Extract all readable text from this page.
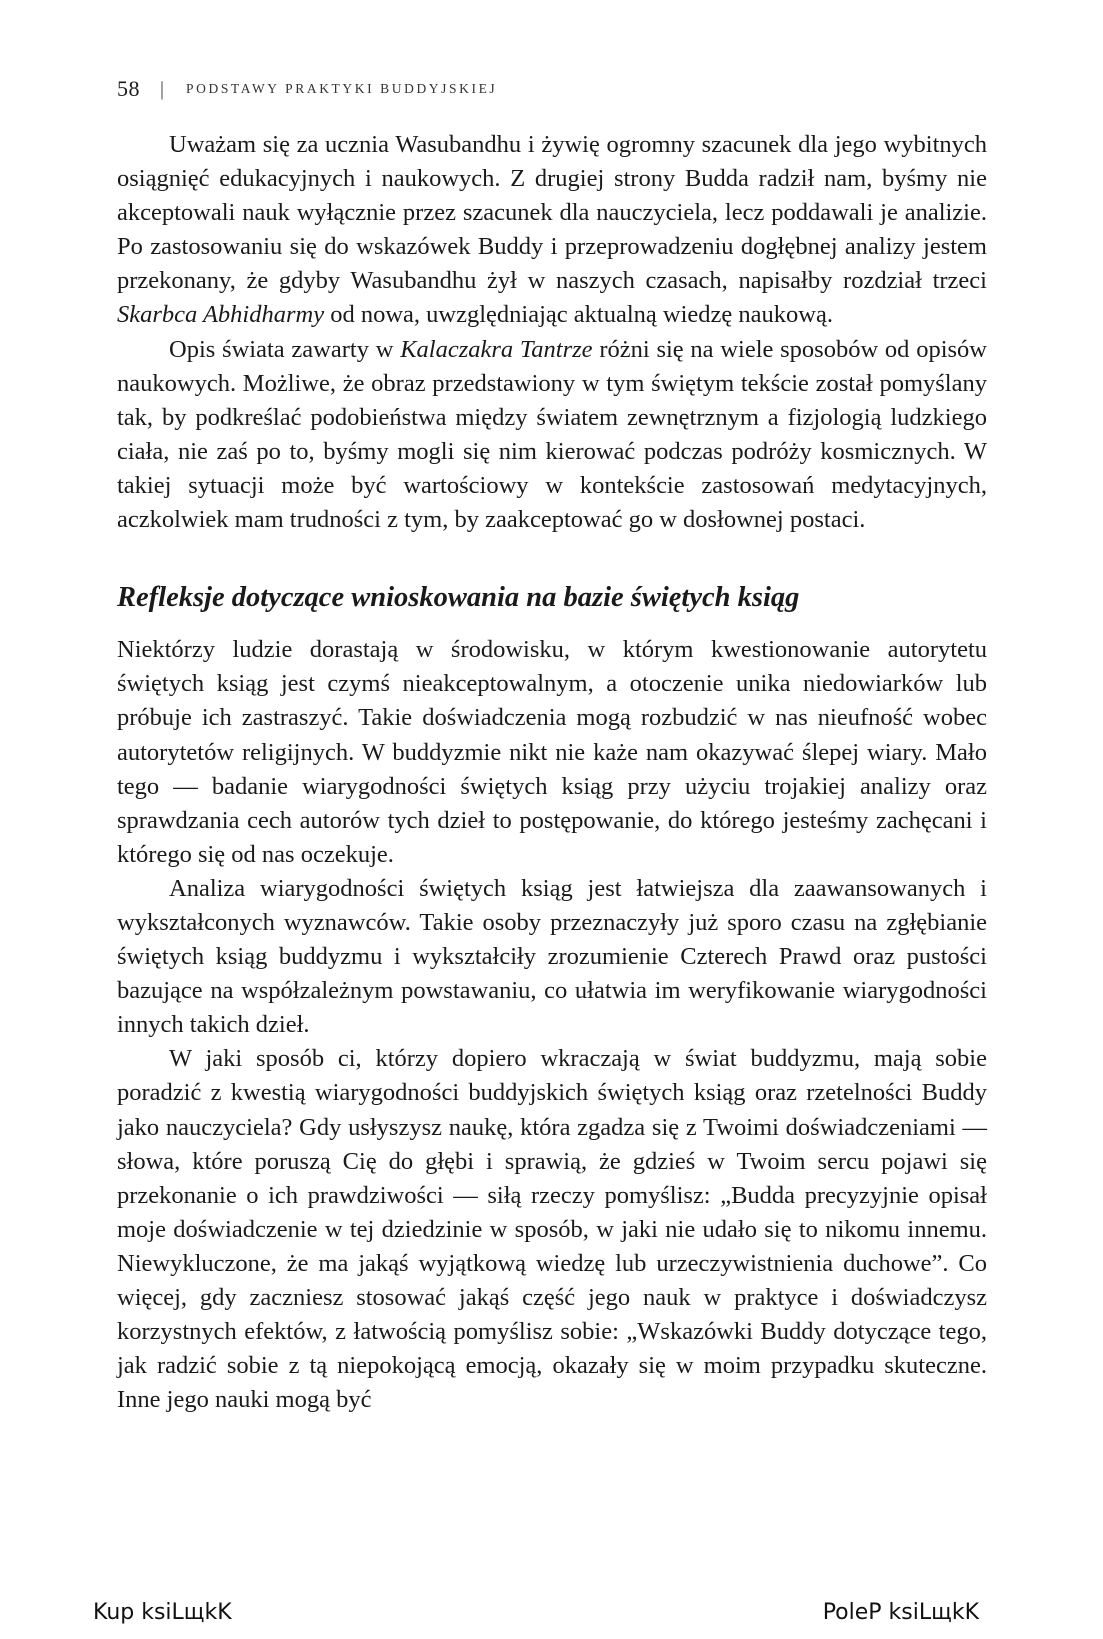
58 | PODSTAWY PRAKTYKI BUDDYJSKIEJ

Uważam się za ucznia Wasubandhu i żywię ogromny szacunek dla jego wybitnych osiągnięć edukacyjnych i naukowych. Z drugiej strony Budda radził nam, byśmy nie akceptowali nauk wyłącznie przez szacunek dla nauczyciela, lecz poddawali je analizie. Po zastosowaniu się do wskazówek Buddy i przeprowadzeniu dogłębnej analizy jestem przekonany, że gdyby Wasubandhu żył w naszych czasach, napisałby rozdział trzeci Skarbca Abhidharmy od nowa, uwzględniając aktualną wiedzę naukową.

Opis świata zawarty w Kalaczakra Tantrze różni się na wiele sposobów od opisów naukowych. Możliwe, że obraz przedstawiony w tym świętym tekście został pomyślany tak, by podkreślać podobieństwa między światem zewnętrznym a fizjologią ludzkiego ciała, nie zaś po to, byśmy mogli się nim kierować podczas podróży kosmicznych. W takiej sytuacji może być wartościowy w kontekście zastosowań medytacyjnych, aczkolwiek mam trudności z tym, by zaakceptować go w dosłownej postaci.

Refleksje dotyczące wnioskowania na bazie świętych ksiąg

Niektórzy ludzie dorastają w środowisku, w którym kwestionowanie autorytetu świętych ksiąg jest czymś nieakceptowalnym, a otoczenie unika niedowiarków lub próbuje ich zastraszyć. Takie doświadczenia mogą rozbudzić w nas nieufność wobec autorytetów religijnych. W buddyzmie nikt nie każe nam okazywać ślepej wiary. Mało tego — badanie wiarygodności świętych ksiąg przy użyciu trojakiej analizy oraz sprawdzania cech autorów tych dzieł to postępowanie, do którego jesteśmy zachęcani i którego się od nas oczekuje.

Analiza wiarygodności świętych ksiąg jest łatwiejsza dla zaawansowanych i wykształconych wyznawców. Takie osoby przeznaczyły już sporo czasu na zgłębianie świętych ksiąg buddyzmu i wykształciły zrozumienie Czterech Prawd oraz pustości bazujące na współzależnym powstawaniu, co ułatwia im weryfikowanie wiarygodności innych takich dzieł.

W jaki sposób ci, którzy dopiero wkraczają w świat buddyzmu, mają sobie poradzić z kwestią wiarygodności buddyjskich świętych ksiąg oraz rzetelności Buddy jako nauczyciela? Gdy usłyszysz naukę, która zgadza się z Twoimi doświadczeniami — słowa, które poruszą Cię do głębi i sprawią, że gdzieś w Twoim sercu pojawi się przekonanie o ich prawdziwości — siłą rzeczy pomyślisz: „Budda precyzyjnie opisał moje doświadczenie w tej dziedzinie w sposób, w jaki nie udało się to nikomu innemu. Niewykluczone, że ma jakąś wyjątkową wiedzę lub urzeczywistnienia duchowe”. Co więcej, gdy zaczniesz stosować jakąś część jego nauk w praktyce i doświadczysz korzystnych efektów, z łatwością pomyślisz sobie: „Wskazówki Buddy dotyczące tego, jak radzić sobie z tą niepokojącą emocją, okazały się w moim przypadku skuteczne. Inne jego nauki mogą być

Kup ksiLщkK	PoleP ksiLщkK
